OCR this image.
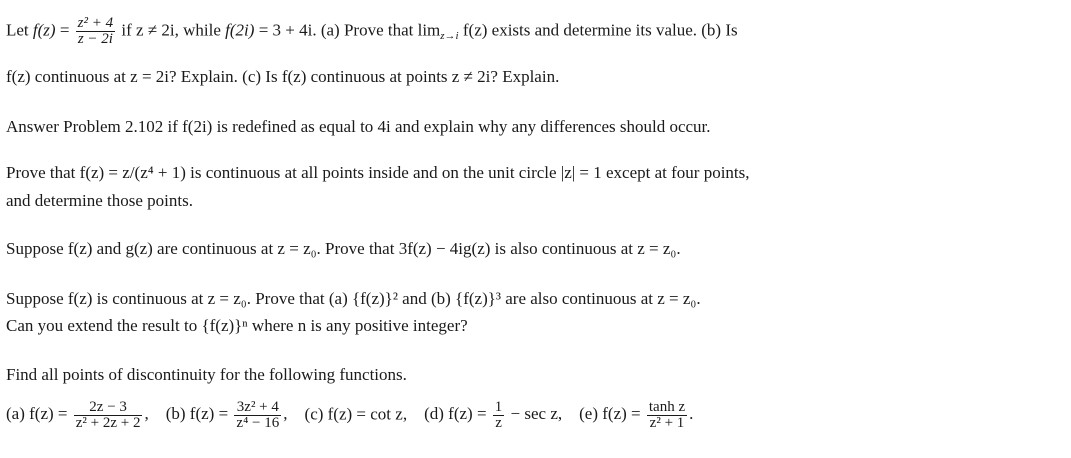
Let $f(z) = \frac{\text{z² + 4}}{z - 2i}$ if z ≠ 2i, while f(2i) = 3 + 4i. (a) Prove that $\lim_{z\to i} f(z)$ exists and determine its value. (b) Is
f(z) continuous at z = 2i? Explain. (c) Is f(z) continuous at points z ≠ 2i? Explain.
Answer Problem 2.102 if f(2i) is redefined as equal to 4i and explain why any differences should occur.
Prove that f(z) = z/(z⁴ + 1) is continuous at all points inside and on the unit circle |z| = 1 except at four points,
and determine those points.
Suppose f(z) and g(z) are continuous at z = z₀. Prove that 3f(z) − 4ig(z) is also continuous at z = z₀.
Suppose f(z) is continuous at z = z₀. Prove that (a) {f(z)}² and (b) {f(z)}³ are also continuous at z = z₀.
Can you extend the result to {f(z)}ⁿ where n is any positive integer?
Find all points of discontinuity for the following functions.
(a) $f(z) = \frac{2z - 3}{\text{z² + 2z + 2}}$ , (b) $f(z) = \frac{\text{3z² + 4}}{\text{z⁴ − 16}}$ , (c) f(z) = cot z, (d) $f(z) = \frac{1}{z} - \sec z$, (e) $f(z) = \frac{\text{tanh z}}{\text{z² + 1}}$ .
